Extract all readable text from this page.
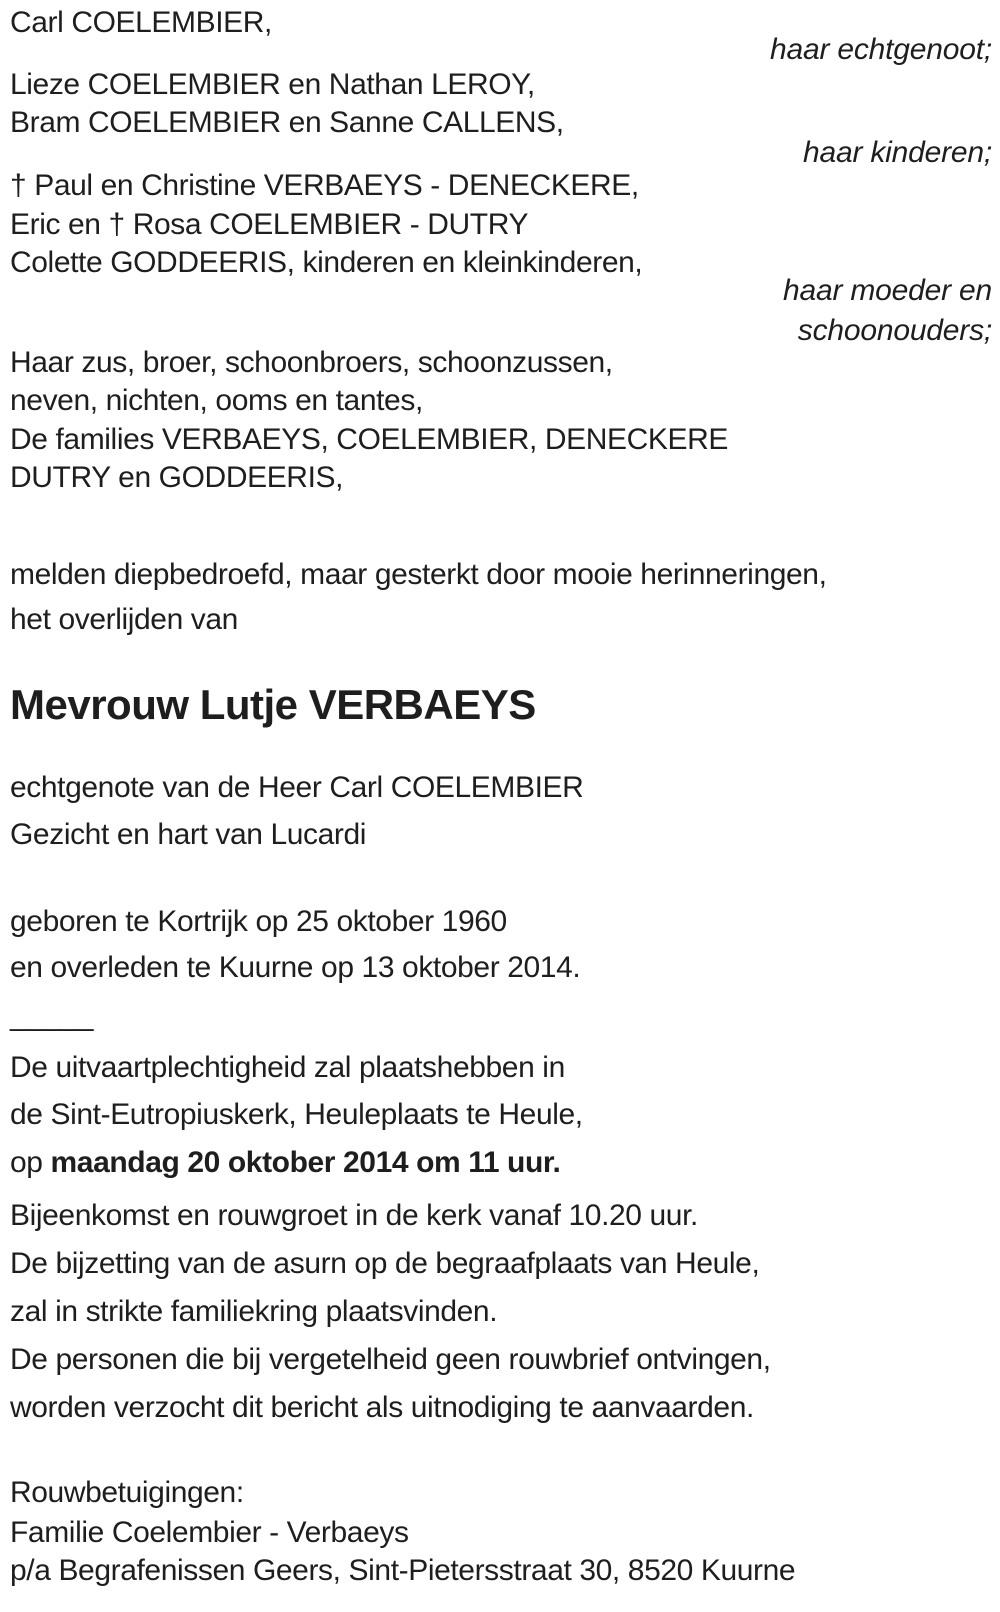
Carl COELEMBIER,
haar echtgenoot;
Lieze COELEMBIER en Nathan LEROY,
Bram COELEMBIER en Sanne CALLENS,
haar kinderen;
† Paul en Christine VERBAEYS - DENECKERE,
Eric en † Rosa COELEMBIER - DUTRY
Colette GODDEERIS, kinderen en kleinkinderen,
haar moeder en
schoonouders;
Haar zus, broer, schoonbroers, schoonzussen,
neven, nichten, ooms en tantes,
De families VERBAEYS, COELEMBIER, DENECKERE
DUTRY en GODDEERIS,
melden diepbedroefd, maar gesterkt door mooie herinneringen,
het overlijden van
Mevrouw Lutje VERBAEYS
echtgenote van de Heer Carl COELEMBIER
Gezicht en hart van Lucardi
geboren te Kortrijk op 25 oktober 1960
en overleden te Kuurne op 13 oktober 2014.
_____
De uitvaartplechtigheid zal plaatshebben in
de Sint-Eutropiuskerk, Heuleplaats te Heule,
op maandag 20 oktober 2014 om 11 uur.
Bijeenkomst en rouwgroet in de kerk vanaf 10.20 uur.
De bijzetting van de asurn op de begraafplaats van Heule,
zal in strikte familiekring plaatsvinden.
De personen die bij vergetelheid geen rouwbrief ontvingen,
worden verzocht dit bericht als uitnodiging te aanvaarden.
Rouwbetuigingen:
Familie Coelembier - Verbaeys
p/a Begrafenissen Geers, Sint-Pietersstraat 30, 8520 Kuurne
